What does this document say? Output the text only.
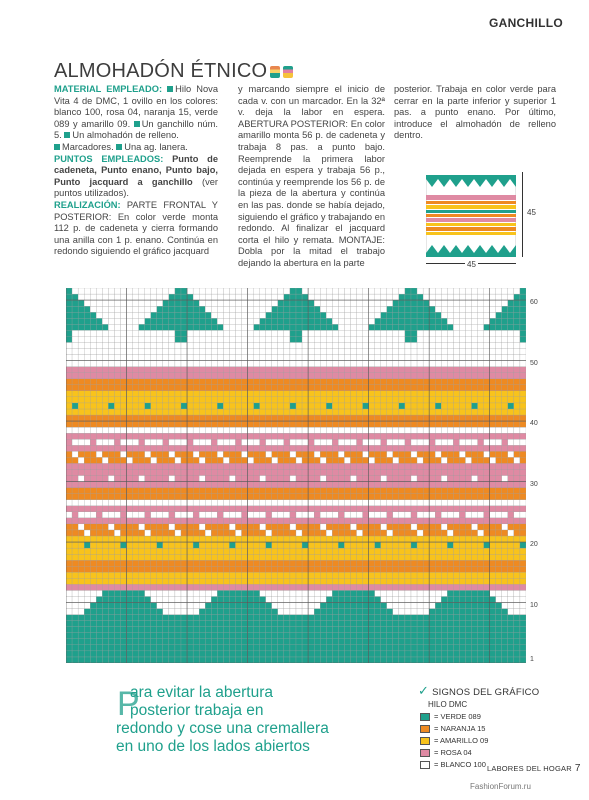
GANCHILLO
ALMOHADÓN ÉTNICO
MATERIAL EMPLEADO: Hilo Nova Vita 4 de DMC, 1 ovillo en los colores: blanco 100, rosa 04, naranja 15, verde 089 y amarillo 09. Un ganchillo núm. 5. Un almohadón de relleno.
Marcadores. Una ag. lanera.
PUNTOS EMPLEADOS: Punto de cadeneta, Punto enano, Punto bajo, Punto jacquard a ganchillo (ver puntos utilizados).
REALIZACIÓN: PARTE FRONTAL Y POSTERIOR: En color verde monta 112 p. de cadeneta y cierra formando una anilla con 1 p. enano. Continúa en redondo siguiendo el gráfico jacquard
y marcando siempre el inicio de cada v. con un marcador. En la 32ª v. deja la labor en espera. ABERTURA POSTERIOR: En color amarillo monta 56 p. de cadeneta y trabaja 8 pas. a punto bajo. Reemprende la primera labor dejada en espera y trabaja 56 p., continúa y reemprende los 56 p. de la pieza de la abertura y continúa en las pas. donde se había dejado, siguiendo el gráfico y trabajando en redondo. Al finalizar el jacquard corta el hilo y remata. MONTAJE: Dobla por la mitad el trabajo dejando la abertura en la parte
posterior. Trabaja en color verde para cerrar en la parte inferior y superior 1 pas. a punto enano. Por último, introduce el almohadón de relleno dentro.
45
45
1
10
20
30
40
50
60
P
ara evitar la abertura
posterior trabaja en
redondo y cose una cremallera
en uno de los lados abiertos
✓ SIGNOS DEL GRÁFICO
HILO DMC
= VERDE 089
= NARANJA 15
= AMARILLO 09
= ROSA 04
= BLANCO 100 LABORES DEL HOGAR 7
FashionForum.ru
